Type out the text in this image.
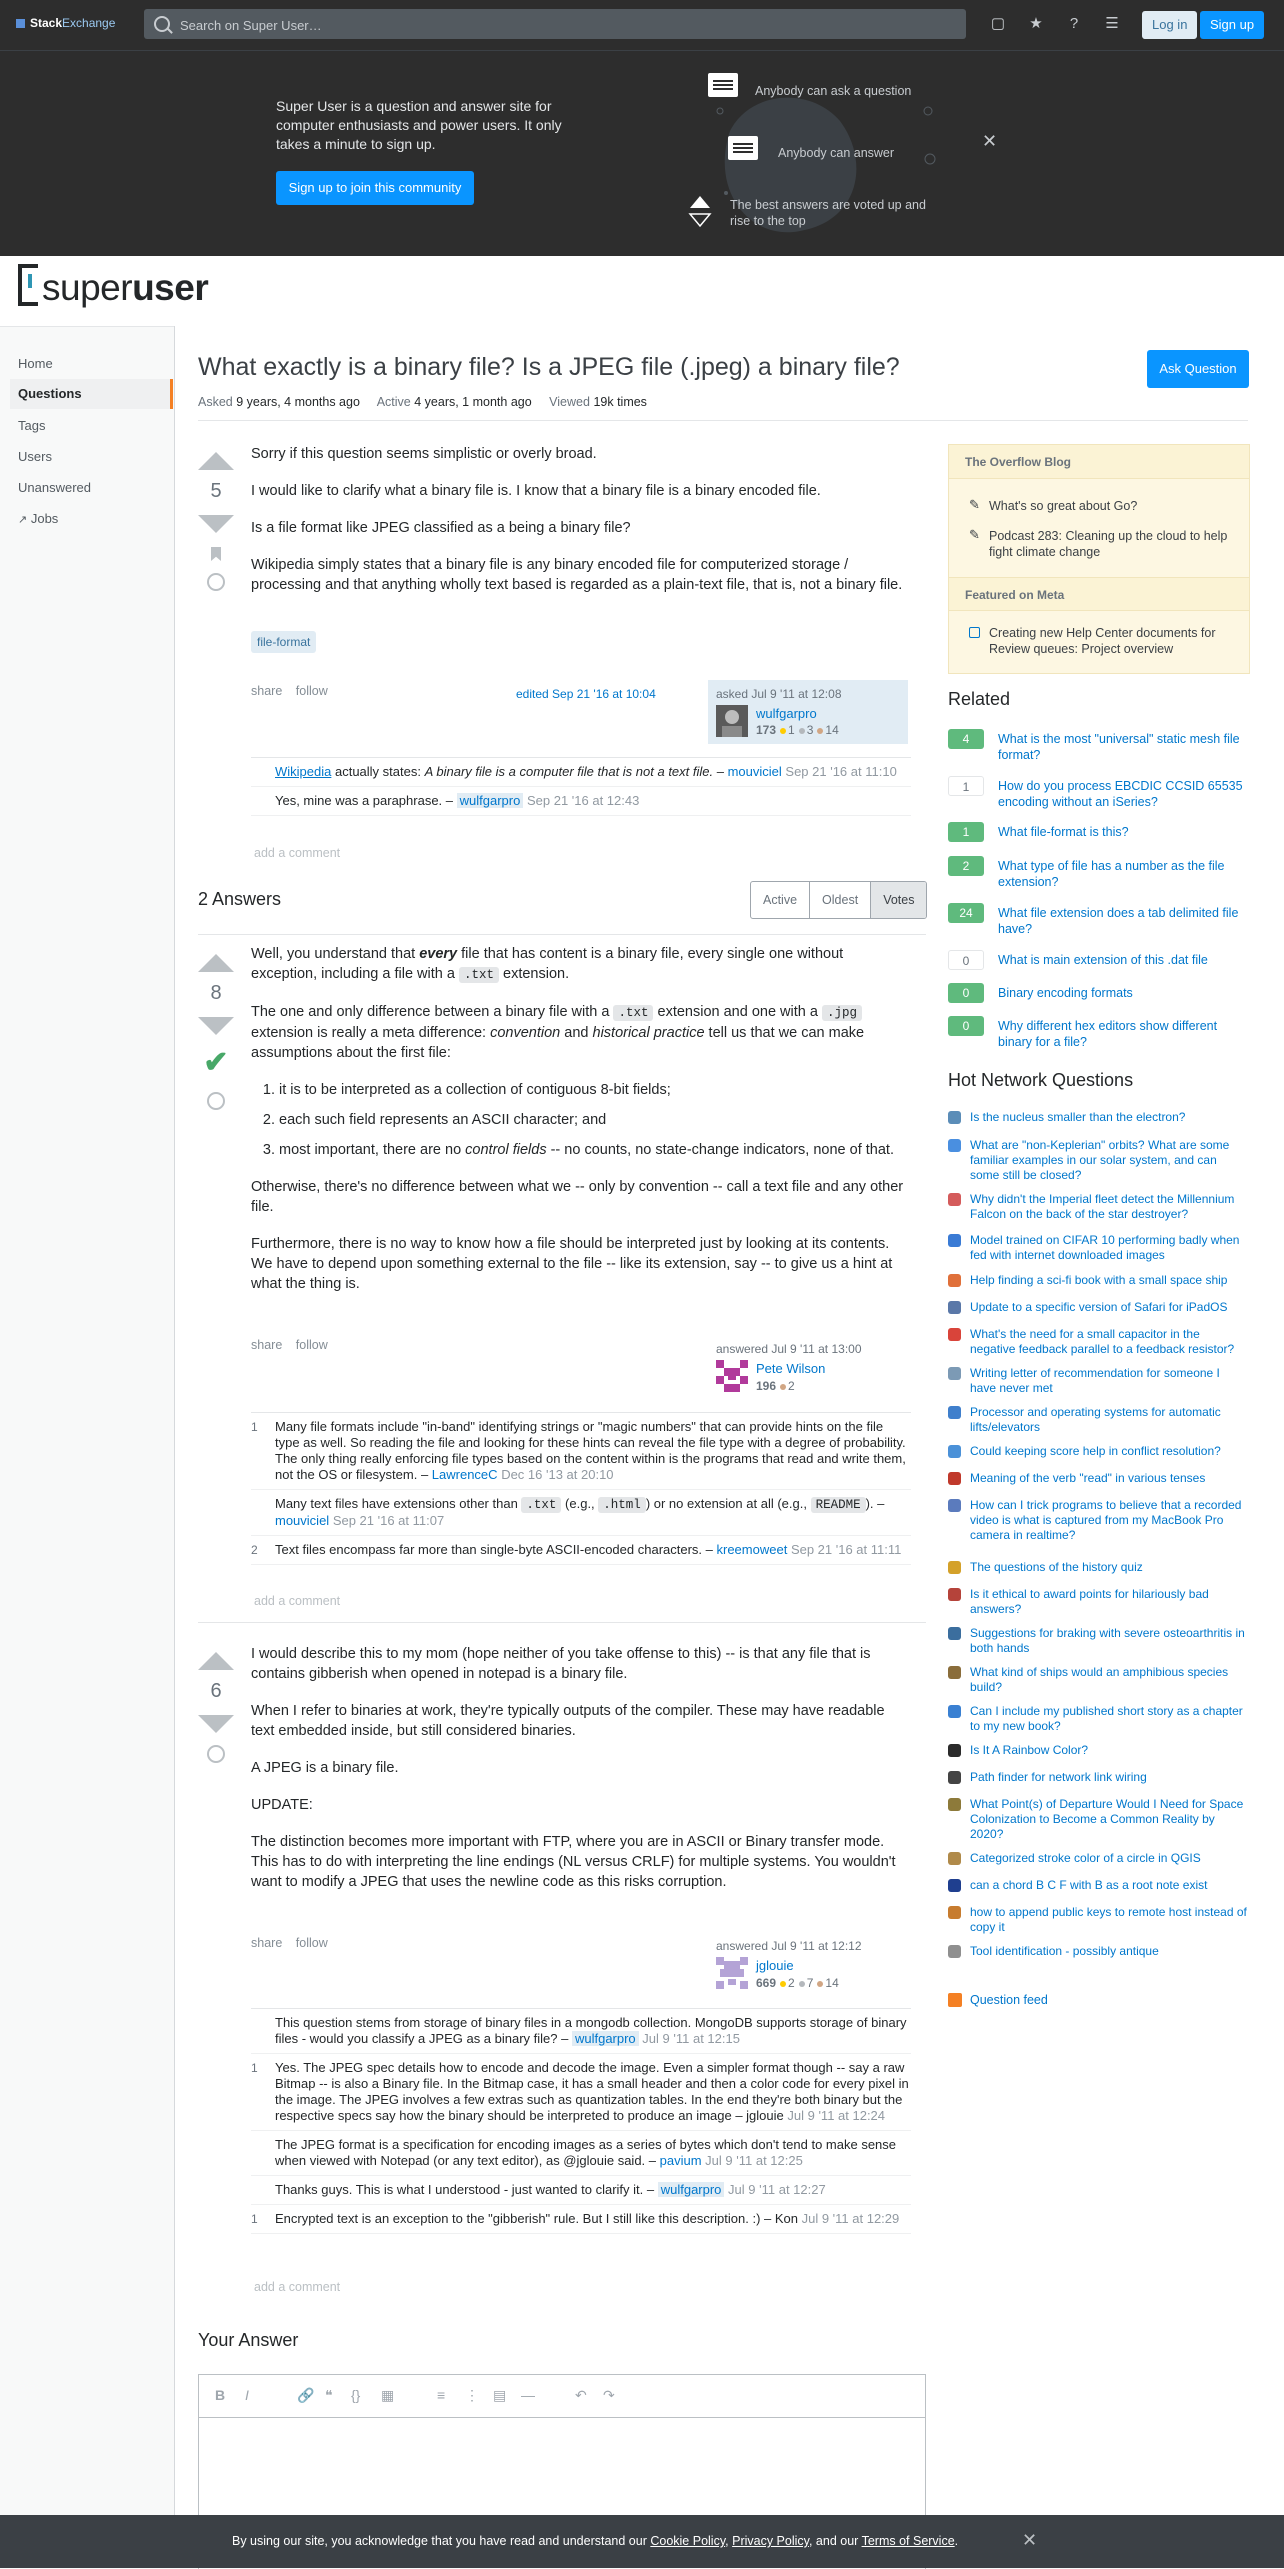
StackExchange
Search on Super User…	▢ ★	?	☰	Log in	Sign up
Super User is a question and answer site for computer enthusiasts and power users. It only takes a minute to sign up.
Sign up to join this community
Anybody can ask a question
Anybody can answer
The best answers are voted up and rise to the top
✕
superuser
Home
Questions
Tags
Users
Unanswered
↗ Jobs
What exactly is a binary file? Is a JPEG file (.jpeg) a binary file?	Ask Question
Asked 9 years, 4 months ago Active 4 years, 1 month ago Viewed 19k times
5

Sorry if this question seems simplistic or overly broad.

I would like to clarify what a binary file is. I know that a binary file is a binary encoded file.

Is a file format like JPEG classified as a being a binary file?

Wikipedia simply states that a binary file is any binary encoded file for computerized storage / processing and that anything wholly text based is regarded as a plain-text file, that is, not a binary file.

file-format
share follow	edited Sep 21 '16 at 10:04	asked Jul 9 '11 at 12:08
wulfgarpro
173 1 3 14
Wikipedia actually states: A binary file is a computer file that is not a text file. – mouviciel Sep 21 '16 at 11:10
Yes, mine was a paraphrase. – wulfgarpro Sep 21 '16 at 12:43
add a comment
2 Answers	Active	Oldest	Votes
8
✔

Well, you understand that every file that has content is a binary file, every single one without exception, including a file with a .txt extension.

The one and only difference between a binary file with a .txt extension and one with a .jpg extension is really a meta difference: convention and historical practice tell us that we can make assumptions about the first file:

1. it is to be interpreted as a collection of contiguous 8-bit fields;
2. each such field represents an ASCII character; and
3. most important, there are no control fields -- no counts, no state-change indicators, none of that.

Otherwise, there's no difference between what we -- only by convention -- call a text file and any other file.

Furthermore, there is no way to know how a file should be interpreted just by looking at its contents. We have to depend upon something external to the file -- like its extension, say -- to give us a hint at what the thing is.

share follow	answered Jul 9 '11 at 13:00
Pete Wilson
196 2
1 Many file formats include "in-band" identifying strings or "magic numbers" that can provide hints on the file type as well. So reading the file and looking for these hints can reveal the file type with a degree of probability. The only thing really enforcing file types based on the content within is the programs that read and write them, not the OS or filesystem. – LawrenceC Dec 16 '13 at 20:10
Many text files have extensions other than .txt (e.g., .html ) or no extension at all (e.g., README ). – mouviciel Sep 21 '16 at 11:07
2 Text files encompass far more than single-byte ASCII-encoded characters. – kreemoweet Sep 21 '16 at 11:11
add a comment
6

I would describe this to my mom (hope neither of you take offense to this) -- is that any file that is contains gibberish when opened in notepad is a binary file.

When I refer to binaries at work, they're typically outputs of the compiler. These may have readable text embedded inside, but still considered binaries.

A JPEG is a binary file.

UPDATE:

The distinction becomes more important with FTP, where you are in ASCII or Binary transfer mode. This has to do with interpreting the line endings (NL versus CRLF) for multiple systems. You wouldn't want to modify a JPEG that uses the newline code as this risks corruption.

share follow	answered Jul 9 '11 at 12:12
jglouie
669 2 7 14
This question stems from storage of binary files in a mongodb collection. MongoDB supports storage of binary files - would you classify a JPEG as a binary file? – wulfgarpro Jul 9 '11 at 12:15
1 Yes. The JPEG spec details how to encode and decode the image. Even a simpler format though -- say a raw Bitmap -- is also a Binary file. In the Bitmap case, it has a small header and then a color code for every pixel in the image. The JPEG involves a few extras such as quantization tables. In the end they're both binary but the respective specs say how the binary should be interpreted to produce an image – jglouie Jul 9 '11 at 12:24
The JPEG format is a specification for encoding images as a series of bytes which don't tend to make sense when viewed with Notepad (or any text editor), as @jglouie said. – pavium Jul 9 '11 at 12:25
Thanks guys. This is what I understood - just wanted to clarify it. – wulfgarpro Jul 9 '11 at 12:27
1 Encrypted text is an exception to the "gibberish" rule. But I still like this description. :) – Kon Jul 9 '11 at 12:29
add a comment
Your Answer
B I	🔗 ❝ {} ▦	≡ ⋮ ▤ —	↶ ↷
The Overflow Blog
✎ What's so great about Go?
✎ Podcast 283: Cleaning up the cloud to help fight climate change
Featured on Meta
Creating new Help Center documents for Review queues: Project overview
Related
4	What is the most "universal" static mesh file format?
1	How do you process EBCDIC CCSID 65535 encoding without an iSeries?
1	What file-format is this?
2	What type of file has a number as the file extension?
24	What file extension does a tab delimited file have?
0	What is main extension of this .dat file
0	Binary encoding formats
0	Why different hex editors show different binary for a file?
Hot Network Questions
Is the nucleus smaller than the electron?
What are "non-Keplerian" orbits? What are some familiar examples in our solar system, and can some still be closed?
Why didn't the Imperial fleet detect the Millennium Falcon on the back of the star destroyer?
Model trained on CIFAR 10 performing badly when fed with internet downloaded images
Help finding a sci-fi book with a small space ship
Update to a specific version of Safari for iPadOS
What's the need for a small capacitor in the negative feedback parallel to a feedback resistor?
Writing letter of recommendation for someone I have never met
Processor and operating systems for automatic lifts/elevators
Could keeping score help in conflict resolution?
Meaning of the verb "read" in various tenses
How can I trick programs to believe that a recorded video is what is captured from my MacBook Pro camera in realtime?
The questions of the history quiz
Is it ethical to award points for hilariously bad answers?
Suggestions for braking with severe osteoarthritis in both hands
What kind of ships would an amphibious species build?
Can I include my published short story as a chapter to my new book?
Is It A Rainbow Color?
Path finder for network link wiring
What Point(s) of Departure Would I Need for Space Colonization to Become a Common Reality by 2020?
Categorized stroke color of a circle in QGIS
can a chord B C F with B as a root note exist
how to append public keys to remote host instead of copy it
Tool identification - possibly antique
Question feed
By using our site, you acknowledge that you have read and understand our Cookie Policy, Privacy Policy, and our Terms of Service.	✕
